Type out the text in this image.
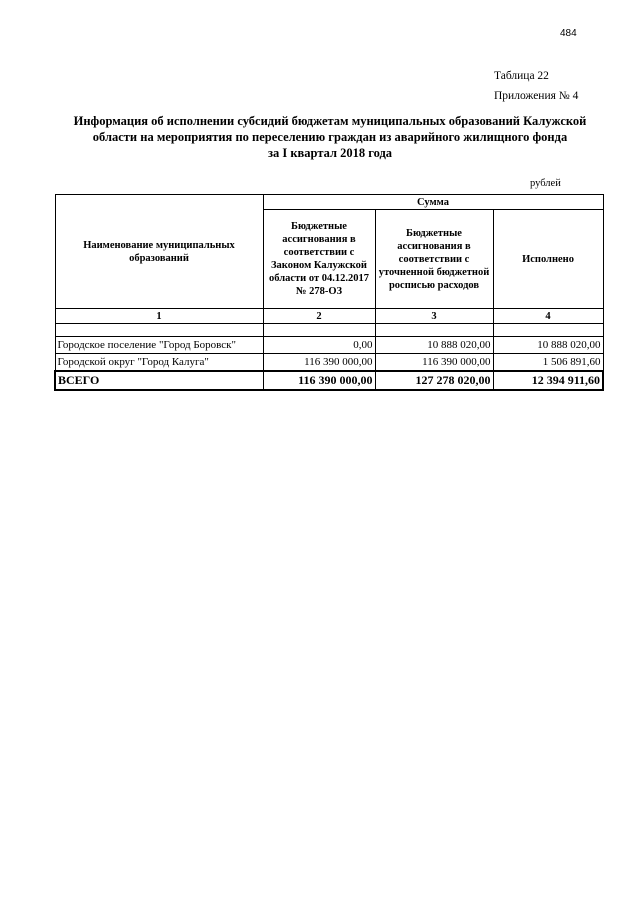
484
Таблица 22
Приложения № 4
Информация об исполнении субсидий бюджетам муниципальных образований Калужской
области на мероприятия по переселению граждан из аварийного жилищного фонда
за I квартал 2018 года
рублей
Наименование муниципальных образований	Сумма		
	Бюджетные ассигнования в соответствии с Законом Калужской области от 04.12.2017 № 278-ОЗ	Бюджетные ассигнования в соответствии с уточненной бюджетной росписью расходов	Исполнено
1	2	3	4

Городское поселение "Город Боровск"	0,00	10 888 020,00	10 888 020,00
Городской округ "Город Калуга"	116 390 000,00	116 390 000,00	1 506 891,60
ВСЕГО	116 390 000,00	127 278 020,00	12 394 911,60
